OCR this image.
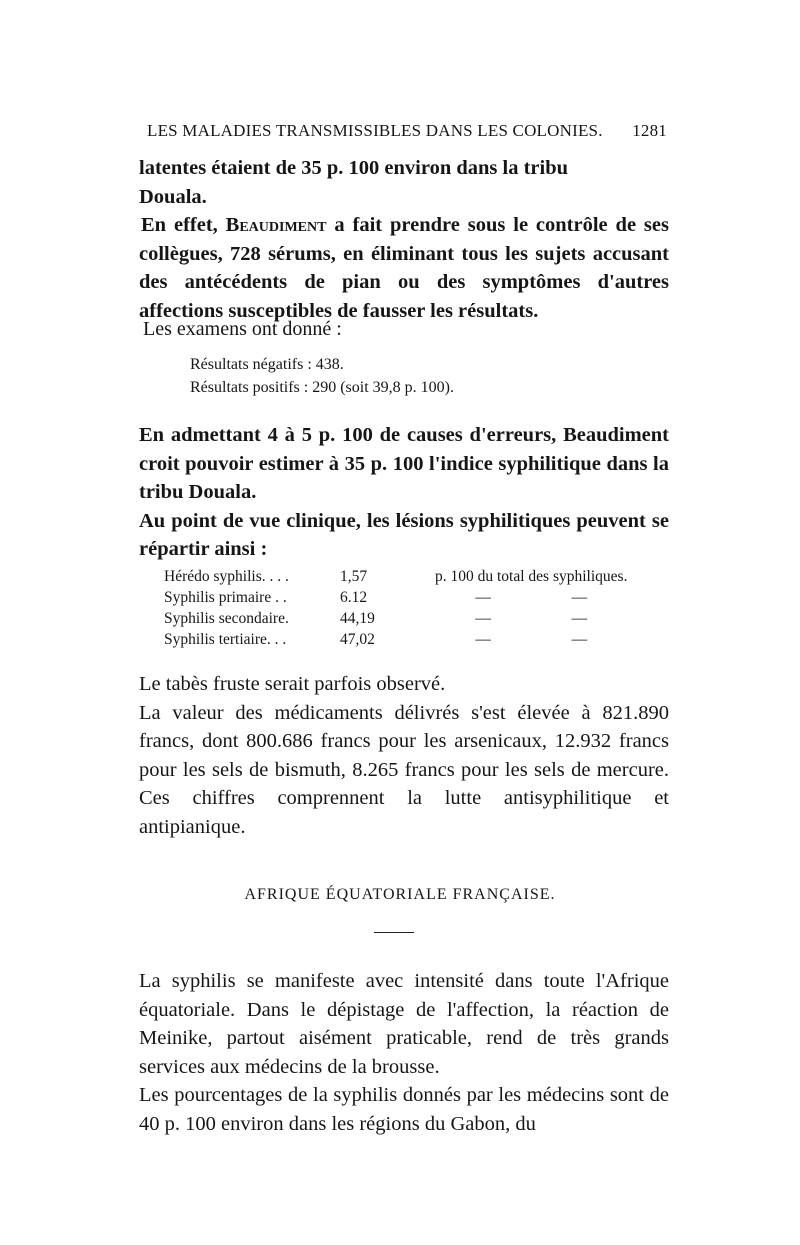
LES MALADIES TRANSMISSIBLES DANS LES COLONIES. 1281

latentes étaient de 35 p. 100 environ dans la tribu
Douala.

En effet, Beaudiment a fait prendre sous le contrôle de ses collègues, 728 sérums, en éliminant tous les sujets accusant des antécédents de pian ou des symptômes d'autres affections susceptibles de fausser les résultats.

Les examens ont donné :
Résultats négatifs : 438.
Résultats positifs : 290 (soit 39,8 p. 100).

En admettant 4 à 5 p. 100 de causes d'erreurs, Beaudiment croit pouvoir estimer à 35 p. 100 l'indice syphilitique dans la tribu Douala.

Au point de vue clinique, les lésions syphilitiques peuvent se répartir ainsi :

Hérédo syphilis. . . .	1,57	p. 100 du total des syphiliques.	
Syphilis primaire . .	6.12	—	—
Syphilis secondaire.	44,19	—	—
Syphilis tertiaire. . .	47,02	—	—

Le tabès fruste serait parfois observé.

La valeur des médicaments délivrés s'est élevée à 821.890 francs, dont 800.686 francs pour les arsenicaux, 12.932 francs pour les sels de bismuth, 8.265 francs pour les sels de mercure. Ces chiffres comprennent la lutte antisyphilitique et antipianique.

AFRIQUE ÉQUATORIALE FRANÇAISE.

La syphilis se manifeste avec intensité dans toute l'Afrique équatoriale. Dans le dépistage de l'affection, la réaction de Meinike, partout aisément praticable, rend de très grands services aux médecins de la brousse.

Les pourcentages de la syphilis donnés par les médecins sont de 40 p. 100 environ dans les régions du Gabon, du
